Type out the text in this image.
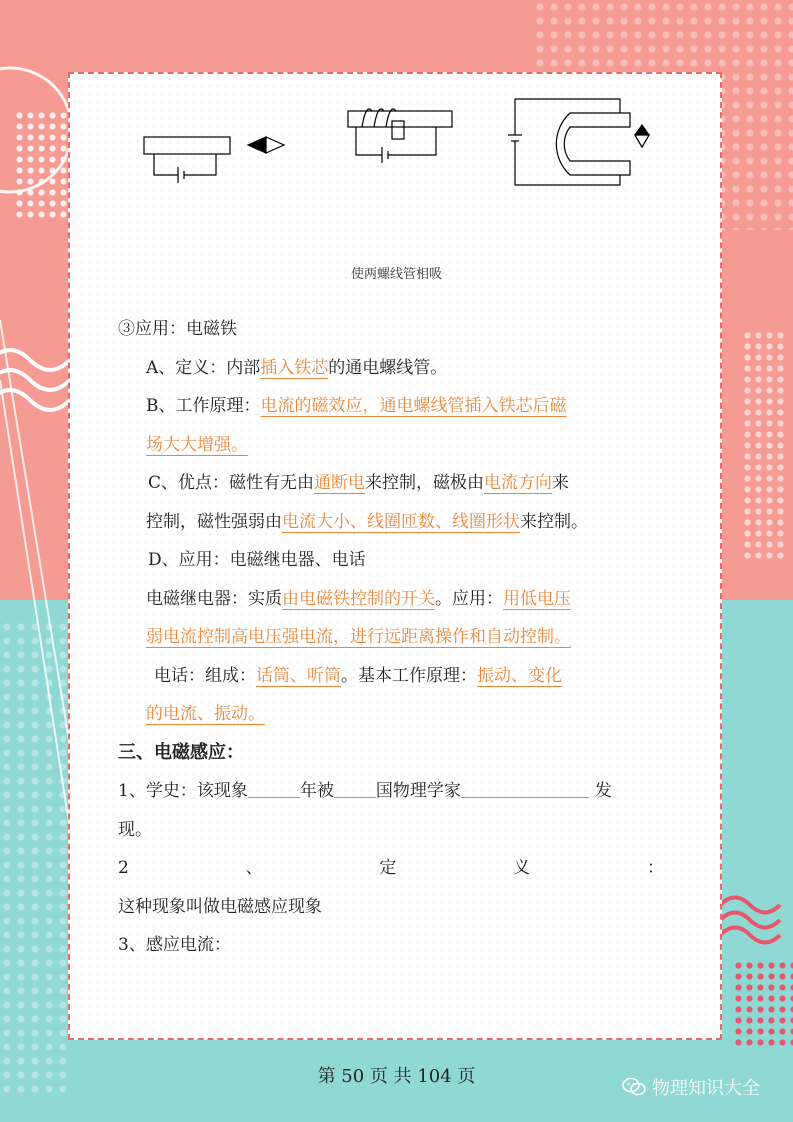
使两螺线管相吸
③应用：电磁铁
A、定义：内部插入铁芯的通电螺线管。
B、工作原理：电流的磁效应，通电螺线管插入铁芯后磁
场大大增强。
C、优点：磁性有无由通断电来控制，磁极由电流方向来
控制，磁性强弱由电流大小、线圈匝数、线圈形状来控制。
D、应用：电磁继电器、电话
电磁继电器：实质由电磁铁控制的开关。应用：用低电压
弱电流控制高电压强电流，进行远距离操作和自动控制。
电话：组成：话筒、听筒。基本工作原理：振动、变化
的电流、振动。
三、电磁感应：
1、学史：该现象	年被 国物理学家	发
现。
2	、	定	义	：
这种现象叫做电磁感应现象
3、感应电流：
第 50 页 共 104 页
物理知识大全
